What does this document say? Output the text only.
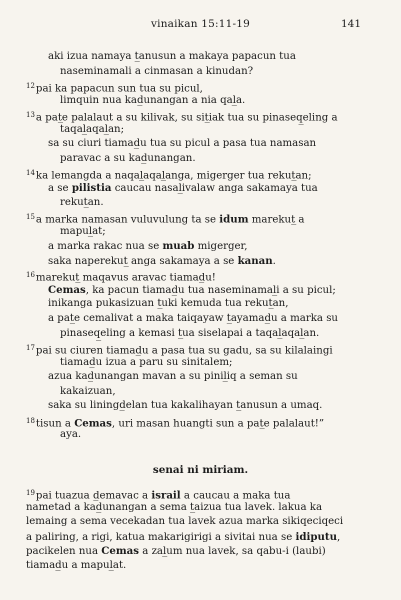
vinaikan 15:11-19	141
aki izua namaya t̲anusun a makaya papacun tua
naseminamali a cinmasan a kinudan?
$^{12}$pai ka papacun sun tua su picul,
limquin nua kad̲unangan a nia qal̲a.
$^{13}$a pat̲e palalaut a su kilivak, su sit̲iak tua su pinaseq̲eling a
taqal̲aqal̲an;
sa su ciuri tiamad̲u tua su picul a pasa tua namasan
paravac a su kad̲unangan.
$^{14}$ka lemangda a naqal̲aqal̲anga, migerger tua rekut̲an;
a se pilistia caucau nasal̲ivalaw anga sakamaya tua
rekut̲an.
$^{15}$a marka namasan vuluvulung ta se idum marekut̲ a
mapul̲at;
a marka rakac nua se muab migerger,
saka naperekut̲ anga sakamaya a se kanan.
$^{16}$marekut̲ maqavus aravac tiamad̲u!
Cemas, ka pacun tiamad̲u tua naseminamal̲i a su picul;
inikanga pukasizuan t̲uki kemuda tua rekut̲an,
a pat̲e cemalivat a maka taiqayaw t̲ayamad̲u a marka su
pinaseq̲eling a kemasi t̲ua siselapai a taqal̲aqal̲an.
$^{17}$pai su ciuren tiamad̲u a pasa tua su gadu, sa su kilalaingi
tiamad̲u izua a paru su sinitalem;
azua kad̲unangan mavan a su pinil̲iq a seman su
kakaizuan,
saka su liningd̲elan tua kakalihayan t̲anusun a umaq.
$^{18}$tisun a Cemas, uri masan huangti sun a pat̲e palalaut!”
aya.
senai ni miriam.
$^{19}$pai tuazua d̲emavac a israil a caucau a maka tua
nametad a kad̲unangan a sema t̲aizua tua lavek. lakua ka
lemaing a sema vecekadan tua lavek azua marka sikiqeciqeci
a paliring, a rigi, katua makarigirigi a sivitai nua se idiputu,
pacikelen nua Cemas a zal̲um nua lavek, sa qabu-i (laubi)
tiamad̲u a mapul̲at.
